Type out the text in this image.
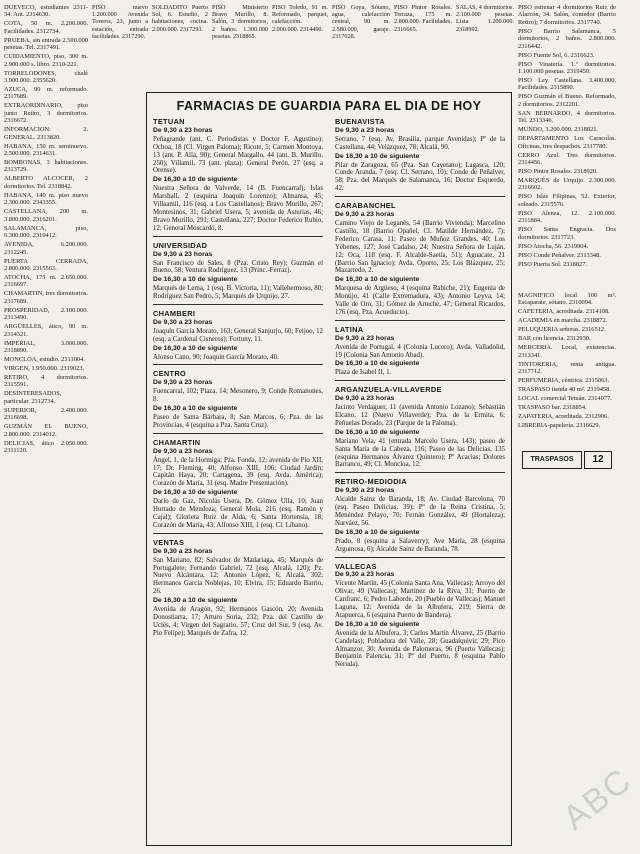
DUEVECO, estudiantes 2311-34. Ant. 2314630.

COTA, 50 m. 2.200.000. Facilidades. 2312734.

PRUEBA, sin entrada 2.500.000 pesetas. Tel. 2317491.

CUIDAMIENTO, piso, 300 m. 2.900.000 s. libro. 2310-221.

TORRELODONES, chalé 3.900.000. 2355620.

AZUCA, 90 m. reformado. 2317689.

EXTRAORDINARIO, piso junto Retiro, 3 dormitorios. 2316672.

INFORMACION: 2. GENERAL. 2313820.

HABANA, 150 m. seminuevo. 2.500.000. 2314631.

BOMBONAS, 3 habitaciones. 2313729.

ALBERTO ALCOCER, 2 dormitorios. Tel. 2318842.

HABANA, 140 m. piso nuevo 2.300.000. 2343355.

CASTELLANA, 200 m. 3.800.000. 2316201.

SALAMANCA, piso, 6.300.000. 2310412.

AVENIDA, 6.200.000. 2312245.

PUERTA CERRADA, 2.800.000. 2315563.

ATOCHA, 175 m. 2.650.000. 2316697.

CHAMARTIN, tres dormitorios. 2317689.

PROSPERIDAD, 2.100.000. 2313490.

ARGÜELLES, ático, 90 m. 2314321.

IMPERIAL, 3.000.000. 2318890.

MONCLOA, estudio. 2311004.

VIRGEN, 1.950.000. 2319023.

RETIRO, 4 dormitorios. 2315591.

DESINTERESADOS, particular. 2312734.

SUPERIOR, 2.400.000. 2316698.

GUZMÁN EL BUENO, 2.800.000. 2314012.

DELICIAS, ático 2.050.000. 2311120.

PISO nuevo 1.200.000 Avenida Toreros, 23, junto a estación, entrada facilidades. 2317290.
SOLDADITO Puerto Sol, 6. Estudio, 2 habitaciones, cocina. 2.000.000. 2317293.
PISO Ministerio Bravo Murillo, 8. Salón, 3 dormitorios, 2 baños. 1.300.000 pesetas. 2318865.
PISO Toledo, 91 m. Reformado, parquet, calefacción. 2.000.000. 2314490.
PISO Goya, Sótano, agua, calefacción central, 90 m. 2.580.000, garaje. 2317028.
PISO Pintor Rosales. Terraza, 175 m. 2.800.000. Facilidades. 2316665.
SALAS, 4 dormitorios. 2.100.000 pesetas. Lista 1.200.000. 2318992.
FARMACIAS DE GUARDIA PARA EL DIA DE HOY
TETUAN
De 9,30 a 23 horas

Peñagrande (ant. C. Periodistas y Doctor F. Agustino): Ochoa, 18 (Cl. Virgen Paloma); Ricote, 5; Carmen Montoya, 13 (ant. P. Alía, 90); General Margallo, 44 (ant. B. Murillo, 250); Villamil, 73 (ant. plaza): General Perón, 27 (esq. a Orense).

De 16,30 a 10 de siguiente

Nuestra Señora de Valverde, 14 (B. Fuencarral); Islas Marshall, 2 (esquina Joaquín Lorenzo); Almansa, 45; Villaamil, 116 (esq. a Los Castellanos); Bravo Murillo, 267; Montesinos, 31; Gabriel Usera, 5; avenida de Asturias, 46; Bravo Murillo, 291; Castellana, 227; Doctor Federico Rubio, 12; General Moscardó, 8.

UNIVERSIDAD
De 9,30 a 23 horas

San Francisco de Sales, 8 (Pza. Cristo Rey); Guzmán el Bueno, 58; Ventura Rodríguez, 13 (Princ.-Ferraz).

De 16,30 a 10 de siguiente

Marqués de Lema, 1 (esq. B. Victoria, 11); Vallehermoso, 80; Rodríguez San Pedro, 5; Marqués de Urquijo, 27.

CHAMBERI
De 9,30 a 23 horas

Joaquín García Morato, 163; General Sanjurjo, 60; Feijoo, 12 (esq. a Cardenal Cisneros); Fortuny, 11.

De 16,30 a 10 de siguiente

Alonso Cano, 90; Joaquín García Morato, 40.

CENTRO
De 9,30 a 23 horas

Fuencarral, 102; Plaza, 14; Mesonero, 9; Conde Romanones, 8.

De 16,30 a 10 de siguiente

Paseo de Santa Bárbara, 8; San Marcos, 6; Pza. de las Provincias, 4 (esquina a Pza. Santa Cruz).

CHAMARTIN
De 9,30 a 23 horas

Ángel, 1, de la Hormiga; Pza. Fonda, 12; avenida de Pío XII, 17; Dr. Fleming, 40; Alfonso XIII, 106; Ciudad Jardín; Capitán Haya, 20; Cartagena, 39 (esq. Avda. América); Corazón de María, 31 (esq. Madre Presentación).

De 16,30 a 10 de siguiente

Darío de Gaz, Nicolás Usera, Dr. Gómez Ulla, 10; Juan Hurtado de Mendoza; General Mola, 216 (esq. Ramón y Cajal); Glorieta Ruiz de Alda, 6; Santa Hortensia, 18; Corazón de María, 43; Alfonso XIII, 1 (esq. Cl. Líbano).

VENTAS
De 9,30 a 23 horas

San Mariano, 82; Salvador de Madariaga, 45; Marqués de Portugalete; Fernando Gabriel, 72 (esq. Alcalá, 120); Pz. Nuevo Alcántara, 12; Antonio López, 6; Alcalá, 302; Hermanos García Noblejas, 10; Elvira, 15; Eduardo Barrio, 26.

De 16,30 a 10 de siguiente

Avenida de Aragón, 92; Hermanos Gascón, 20; Avenida Donostiarra, 17; Arturo Soria, 232; Pza. del Castillo de Uclés, 4; Virgen del Sagrario, 57; Cruz del Sur, 9 (esq. Av. Pío Felipe); Marqués de Zafra, 12.

BUENAVISTA
De 9,30 a 23 horas

Serrano, 7 (esq. Av. Brasilia, parque Avenidas); Pº de la Castellana, 44; Velázquez, 78; Alcalá, 90.

De 16,30 a 10 de siguiente

Pilar de Zaragoza, 65 (Pza. San Cayetano); Lagasca, 120; Conde Aranda, 7 (esq. Cl. Serrano, 10); Conde de Peñalver, 58; Pza. del Marqués de Salamanca, 16; Doctor Esquerdo, 42.

CARABANCHEL
De 9,30 a 23 horas

Camino Viejo de Leganés, 54 (Barrio Vivienda); Marcelino Castillo, 18 (Barrio Opañel, Cl. Matilde Hernández, 7); Federico Carasa, 11; Paseo de Muñoz Grandes, 40; Los Yébenes, 127; José Cadalso, 24; Nuestra Señora de Luján, 12; Oca, 118 (esq. F. Alcalde-Saetía, 51); Aguacate, 21 (Barrio San Ignacio); Avda. Oporto, 25; Los Blázquez, 25; Mazarredo, 2.

De 16,30 a 10 de siguiente

Marquesa de Argüeso, 4 (esquina Rabiche, 21); Eugenia de Montijo, 41 (Calle Extremadura, 43); Antonio Leyva, 14; Valle de Oro, 31; Gómez de Arteche, 47; General Ricardos, 176 (esq. Pza. Acueducto).

LATINA
De 9,30 a 23 horas

Avenida de Portugal, 4 (Colonia Lucero); Avda. Valladolid, 19 (Colonia San Antonio Abad).

De 16,30 a 10 de siguiente

Plaza de Isabel II, 1.

ARGANZUELA-VILLAVERDE
De 9,30 a 23 horas

Jacinto Verdaguer, 11 (avenida Antonio Lozano); Sebastián Elcano, 12 (Nuevo Villaverde); Pza. de la Ermita, 6; Peñuelas Dorado, 23 (Parque de la Paloma).

De 16,30 a 10 de siguiente

Mariano Vela, 41 (entrada Marcelo Usera, 143); paseo de Santa María de la Cabeza, 116; Paseo de las Delicias, 135 (esquina Hermanos Álvarez Quintero); Pº Acacias; Dolores Barranco, 49; Cl. Moncloa, 12.

RETIRO-MEDIODIA
De 9,30 a 23 horas

Alcalde Sainz de Baranda, 18; Av. Ciudad Barcelona, 70 (esq. Paseo Delicias, 39); Pº de la Reina Cristina, 5; Menéndez Pelayo, 70; Fernán González, 49 (Hortaleza); Narváez, 56.

De 16,30 a 10 de siguiente

Prado, 8 (esquina a Salaverry); Ave María, 28 (esquina Argumosa, 6); Alcalde Sainz de Baranda, 78.

VALLECAS
De 9,30 a 23 horas

Vicente Martín, 45 (Colonia Santa Ana, Vallecas); Arroyo del Olivar, 49 (Vallecas); Martínez de la Riva, 31; Puerto de Canfranc, 6; Pedro Laborde, 20 (Pueblo de Vallecas); Manuel Laguna, 12; Avenida de la Albufera, 219; Sierra de Atapuerca, 6 (esquina Puerto de Bandera).

De 16,30 a 10 de siguiente

Avenida de la Albufera, 3; Carlos Martín Álvarez, 25 (Barrio Candelas); Pobladura del Valle, 28; Guadalquivir, 29; Pico Almanzor, 30; Avenida de Palomeras, 96 (Puerto Vallecas); Benjamín Palencia, 31; Pº del Puerto, 8 (esquina Pablo Neruda).

PISO estrenar 4 dormitorios Ruiz de Alarcón, 34. Salón, comedor (Barrio Retiro); 7 dormitorios. 2317740.

PISO Barrio Salamanca, 5 dormitorios, 2 baños. 2.800.000. 2316442.

PISO Fuente Sol, 6. 2316623.

PISO Vinatería. 1.ª dormitorios. 1.100.000 pesetas. 2319450.

PISO Ley Castellana. 3.400.000. Facilidades. 2315890.

PISO Guzmán el Bueno. Reformado, 2 dormitorios. 2312201.

SAN BERNARDO, 4 dormitorios. Tel. 2313346.

MUNDO, 3.200.000. 2318821.

DEPARTAMENTO Los Caracolas. Oficinas, tres despachos. 2317780.

CERRO Azul. Tres dormitorios. 2314456.

PISO Pintor Rosales. 2318920.

MARQUÉS de Urquijo. 2.300.000. 2316602.

PISO Islas Filipinas, 52. Exterior, soleado. 2315576.

PISO Alenza, 12. 2.100.000. 2311884.

PISO Santa Engracia. Dos dormitorios. 2317723.

PISO Atocha, 56. 2319904.

PISO Conde Peñalver. 2313348.

PISO Puerta Sol. 2318827.

MAGNIFICO local 100 m². Escaparate, sótano. 2310094.

CAFETERIA, acreditada. 2314108.

ACADEMIA en marcha. 2318872.

PELUQUERIA señoras. 2316512.

BAR con licencia. 2312930.

MERCERIA. Local, existencias. 2313341.

TINTORERIA, renta antigua. 2317712.

PERFUMERIA, céntrica. 2315063.

TRASPASO tienda 40 m². 2319458.

LOCAL comercial Tetuán. 2314077.

TRASPASO bar. 2318854.

ZAPATERIA, acreditada. 2312906.

LIBRERIA-papelería. 2316629.

TRASPASOS	12
ABC
